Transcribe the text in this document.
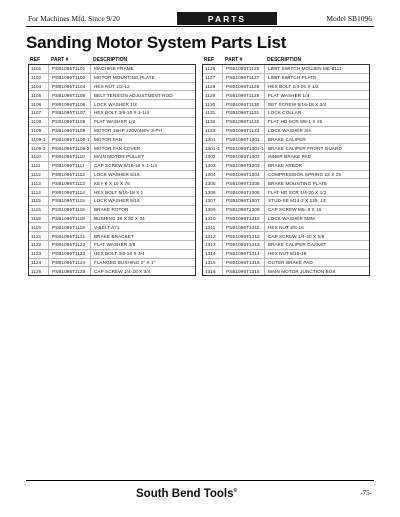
For Machines Mfd. Since 9/20	PARTS	Model SB1096
Sanding Motor System Parts List
REF	PART #	DESCRIPTION
1101	PSB1096T1101	MACHINE FRAME
1102	PSB1096T1102	MOTOR MOUNTING PLATE
1104	PSB1096T1104	HEX NUT 1/2-12
1105	PSB1096T1105	BELT TENSION ADJUSTMENT ROD
1106	PSB1096T1106	LOCK WASHER 1/2
1107	PSB1096T1107	HEX BOLT 3/8-16 X 1-1/4
1108	PSB1096T1108	FLAT WASHER 1/2
1109	PSB1096T1109	MOTOR 15HP 220V/440V 3-PH
1109-1	PSB1096T1109-1 MOTOR FAN
1109-2	PSB1096T1109-2 MOTOR FAN COVER
1110	PSB1096T1110	MAIN MOTOR PULLEY
1111	PSB1096T1111	CAP SCREW 5/16-18 X 1-1/4
1112	PSB1096T1112	LOCK WASHER 5/16
1113	PSB1096T1113	KEY 8 X 10 X 75
1114	PSB1096T1114	HEX BOLT 5/16-18 X 1
1115	PSB1096T1115	LOCK WASHER 5/16
1116	PSB1096T1116	BRAKE ROTOR
1118	PSB1096T1118	BUSHING 38 X 80 X 34
1119	PSB1096T1119	V-BELT A71
1121	PSB1096T1121	BRAKE BRACKET
1122	PSB1096T1122	FLAT WASHER 3/8
1123	PSB1096T1123	HEX BOLT 3/8-16 X 3/4
1124	PSB1096T1124	FLANGED BUSHING 2" X 1"
1125	PSB1096T1125	CAP SCREW 1/4-20 X 3/4
REF	PART #	DESCRIPTION
1126	PSB1096T1126	LIMIT SWITCH MOUJEN ME-8111
1127	PSB1096T1127	LIMIT SWITCH PLATE
1128	PSB1096T1128	HEX BOLT 1/4-20 X 1/2
1129	PSB1096T1129	FLAT WASHER 1/4
1130	PSB1096T1130	SET SCREW 5/16-18 X 3/4
1131	PSB1096T1131	LOCK COLLAR
1132	PSB1096T1132	FLAT HD SCR M8-1 X 25
1133	PSB1096T1133	LOCK WASHER 3/4
1301	PSB1096T1301	BRAKE CALIPER
1301-1	PSB1096T1301-1 BRAKE CALIPER FRONT GUARD
1302	PSB1096T1302	INNER BRAKE PAD
1303	PSB1096T1303	BRAKE ARBOR
1304	PSB1096T1304	COMPRESSION SPRING 22 X 25
1305	PSB1096T1305	BRAKE MOUNTING PLATE
1306	PSB1096T1306	FLAT HD SCR 1/4-20 X 1/2
1307	PSB1096T1307	STUD-SE M14-2 X 125, 13
1309	PSB1096T1309	CAP SCREW M5-.8 X 15
1310	PSB1096T1310	LOCK WASHER 5MM
1311	PSB1096T1311	HEX NUT 3/8-16
1312	PSB1096T1312	CAP SCREW 1/4-20 X 5/8
1313	PSB1096T1313	BRAKE CALIPER GASKET
1314	PSB1096T1314	HEX NUT 5/16-18
1315	PSB1096T1315	OUTER BRAKE PAD
1316	PSB1096T1316	MAIN MOTOR JUNCTION BOX
South Bend Tools®	-75-
